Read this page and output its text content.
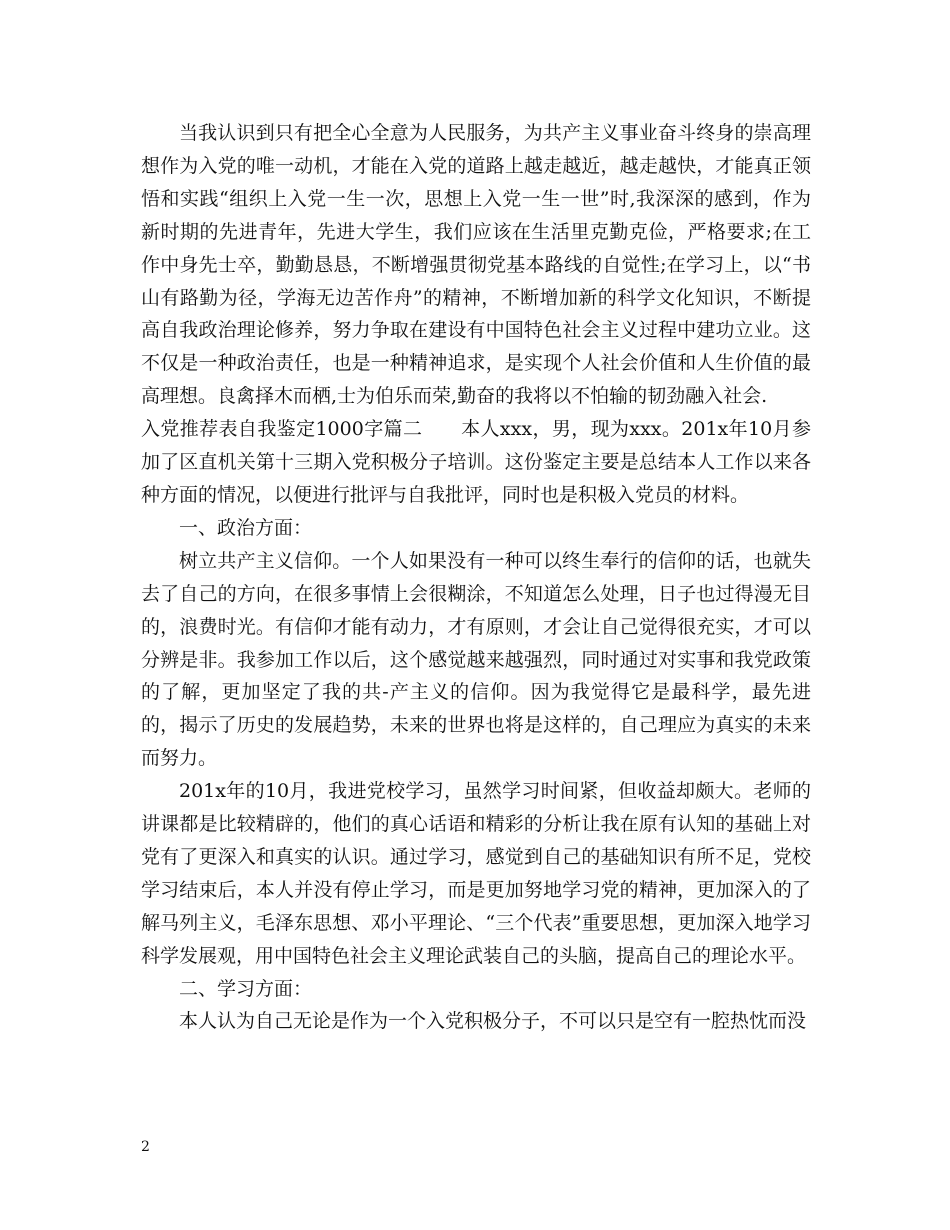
当我认识到只有把全心全意为人民服务，为共产主义事业奋斗终身的崇高理想作为入党的唯一动机，才能在入党的道路上越走越近，越走越快，才能真正领悟和实践“组织上入党一生一次，思想上入党一生一世”时,我深深的感到，作为新时期的先进青年，先进大学生，我们应该在生活里克勤克俭，严格要求;在工作中身先士卒，勤勤恳恳，不断增强贯彻党基本路线的自觉性;在学习上，以“书山有路勤为径，学海无边苦作舟”的精神，不断增加新的科学文化知识，不断提高自我政治理论修养，努力争取在建设有中国特色社会主义过程中建功立业。这不仅是一种政治责任，也是一种精神追求，是实现个人社会价值和人生价值的最高理想。良禽择木而栖,士为伯乐而荣,勤奋的我将以不怕输的韧劲融入社会.

入党推荐表自我鉴定1000字篇二　　本人xxx，男，现为xxx。201x年10月参加了区直机关第十三期入党积极分子培训。这份鉴定主要是总结本人工作以来各种方面的情况，以便进行批评与自我批评，同时也是积极入党员的材料。

一、政治方面：

树立共产主义信仰。一个人如果没有一种可以终生奉行的信仰的话，也就失去了自己的方向，在很多事情上会很糊涂，不知道怎么处理，日子也过得漫无目的，浪费时光。有信仰才能有动力，才有原则，才会让自己觉得很充实，才可以分辨是非。我参加工作以后，这个感觉越来越强烈，同时通过对实事和我党政策的了解，更加坚定了我的共-产主义的信仰。因为我觉得它是最科学，最先进的，揭示了历史的发展趋势，未来的世界也将是这样的，自己理应为真实的未来而努力。

201x年的10月，我进党校学习，虽然学习时间紧，但收益却颇大。老师的讲课都是比较精辟的，他们的真心话语和精彩的分析让我在原有认知的基础上对党有了更深入和真实的认识。通过学习，感觉到自己的基础知识有所不足，党校学习结束后，本人并没有停止学习，而是更加努地学习党的精神，更加深入的了解马列主义，毛泽东思想、邓小平理论、“三个代表”重要思想，更加深入地学习科学发展观，用中国特色社会主义理论武装自己的头脑，提高自己的理论水平。

二、学习方面：

本人认为自己无论是作为一个入党积极分子，不可以只是空有一腔热忱而没

2
